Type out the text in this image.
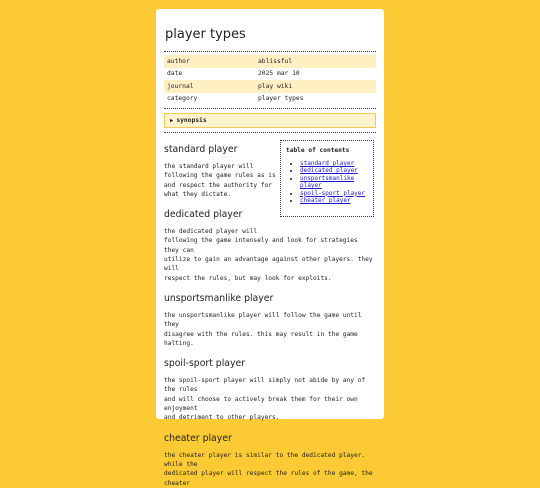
player types
author	ablissful
date	2025 mar 10
journal	play wiki
category	player types
▶ synopsis
table of contents
• standard player
• dedicated player
• unsportsmanlike player
• spoil-sport player
• cheater player
standard player

the standard player will
following the game rules as is
and respect the authority for
what they dictate.

dedicated player

the dedicated player will
following the game intensely and look for strategies they can
utilize to gain an advantage against other players. they will
respect the rules, but may look for exploits.

unsportsmanlike player

the unsportsmanlike player will follow the game until they
disagree with the rules. this may result in the game halting.

spoil-sport player

the spoil-sport player will simply not abide by any of the rules
and will choose to actively break them for their own enjoyment
and detriment to other players.

cheater player

the cheater player is similar to the dedicated player. while the
dedicated player will respect the rules of the game, the cheater
